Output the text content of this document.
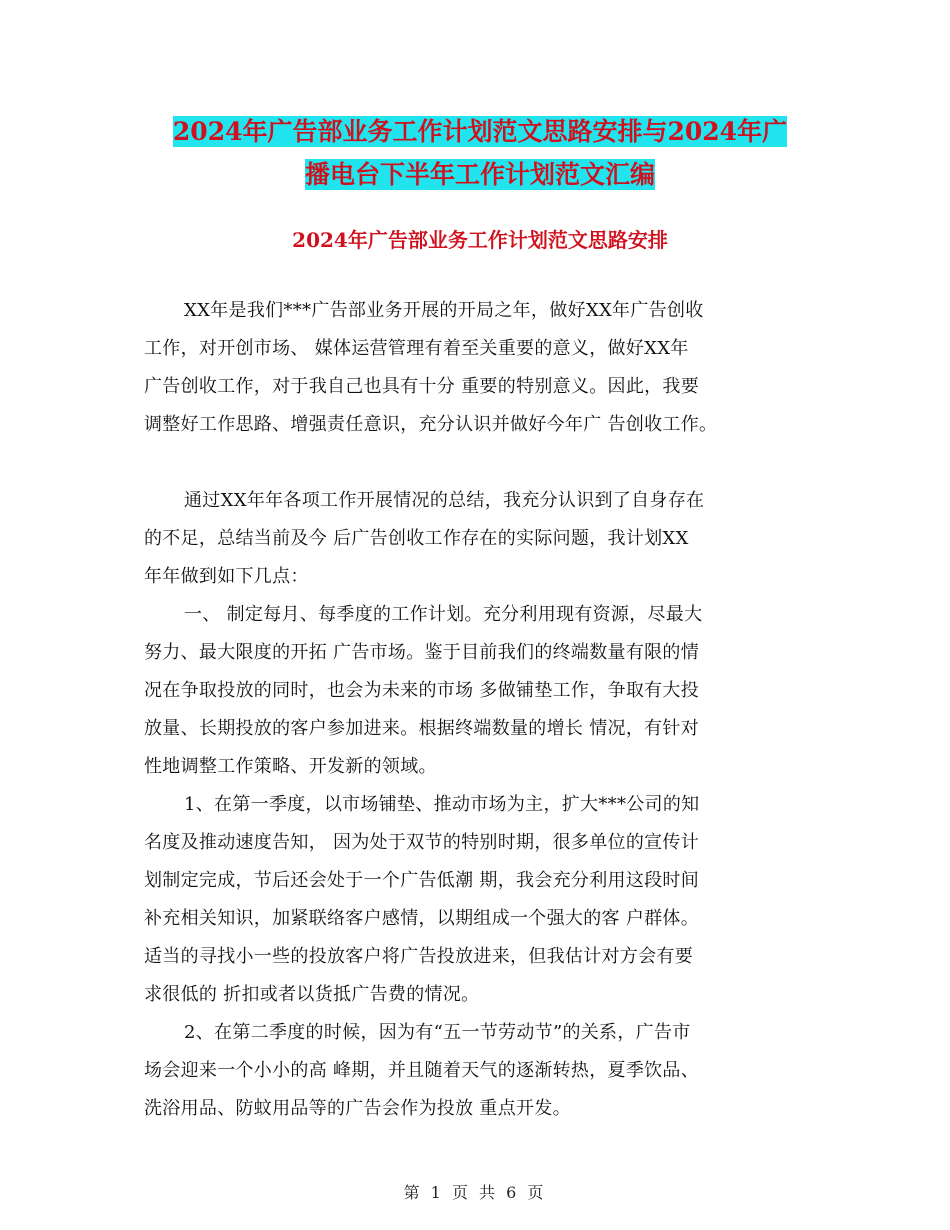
2024年广告部业务工作计划范文思路安排与2024年广
播电台下半年工作计划范文汇编
2024年广告部业务工作计划范文思路安排
XX年是我们***广告部业务开展的开局之年，做好XX年广告创收
工作，对开创市场、 媒体运营管理有着至关重要的意义，做好XX年
广告创收工作，对于我自己也具有十分 重要的特别意义。因此，我要
调整好工作思路、增强责任意识，充分认识并做好今年广 告创收工作。
通过XX年年各项工作开展情况的总结，我充分认识到了自身存在
的不足，总结当前及今 后广告创收工作存在的实际问题，我计划XX
年年做到如下几点：
一、 制定每月、每季度的工作计划。充分利用现有资源，尽最大
努力、最大限度的开拓 广告市场。鉴于目前我们的终端数量有限的情
况在争取投放的同时，也会为未来的市场 多做铺垫工作，争取有大投
放量、长期投放的客户参加进来。根据终端数量的增长 情况，有针对
性地调整工作策略、开发新的领域。
1、在第一季度，以市场铺垫、推动市场为主，扩大***公司的知
名度及推动速度告知， 因为处于双节的特别时期，很多单位的宣传计
划制定完成，节后还会处于一个广告低潮 期，我会充分利用这段时间
补充相关知识，加紧联络客户感情，以期组成一个强大的客 户群体。
适当的寻找小一些的投放客户将广告投放进来，但我估计对方会有要
求很低的 折扣或者以货抵广告费的情况。
2、在第二季度的时候，因为有“五一节劳动节”的关系，广告市
场会迎来一个小小的高 峰期，并且随着天气的逐渐转热，夏季饮品、
洗浴用品、防蚊用品等的广告会作为投放 重点开发。
第 1 页 共 6 页
